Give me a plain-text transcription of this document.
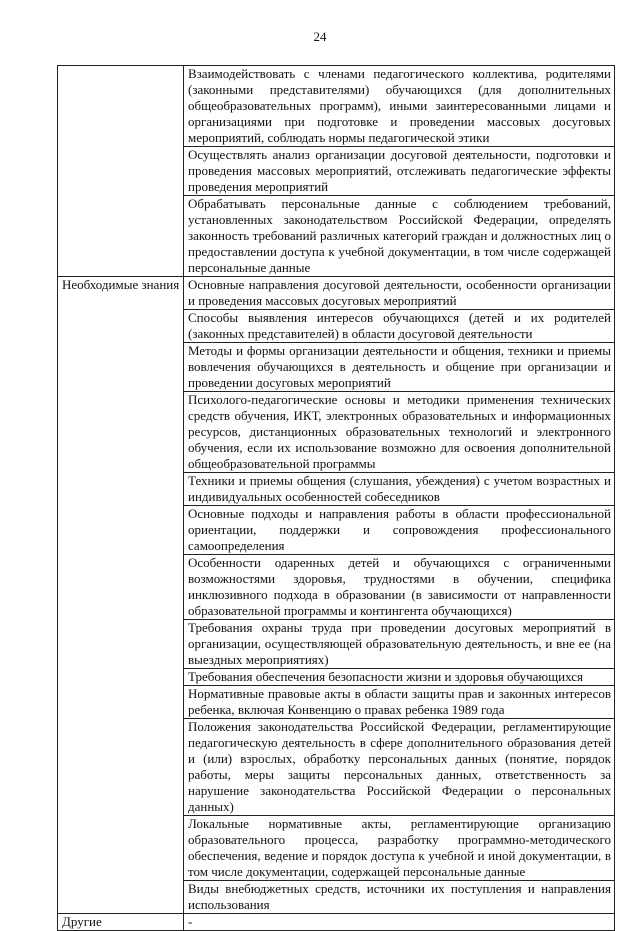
24
	Взаимодействовать с членами педагогического коллектива, родителями (законными представителями) обучающихся (для дополнительных общеобразовательных программ), иными заинтересованными лицами и организациями при подготовке и проведении массовых досуговых мероприятий, соблюдать нормы педагогической этики
	Осуществлять анализ организации досуговой деятельности, подготовки и проведения массовых мероприятий, отслеживать педагогические эффекты проведения мероприятий
	Обрабатывать персональные данные с соблюдением требований, установленных законодательством Российской Федерации, определять законность требований различных категорий граждан и должностных лиц о предоставлении доступа к учебной документации, в том числе содержащей персональные данные
Необходимые знания	Основные направления досуговой деятельности, особенности организации и проведения массовых досуговых мероприятий
	Способы выявления интересов обучающихся (детей и их родителей (законных представителей) в области досуговой деятельности
	Методы и формы организации деятельности и общения, техники и приемы вовлечения обучающихся в деятельность и общение при организации и проведении досуговых мероприятий
	Психолого-педагогические основы и методики применения технических средств обучения, ИКТ, электронных образовательных и информационных ресурсов, дистанционных образовательных технологий и электронного обучения, если их использование возможно для освоения дополнительной общеобразовательной программы
	Техники и приемы общения (слушания, убеждения) с учетом возрастных и индивидуальных особенностей собеседников
	Основные подходы и направления работы в области профессиональной ориентации, поддержки и сопровождения профессионального самоопределения
	Особенности одаренных детей и обучающихся с ограниченными возможностями здоровья, трудностями в обучении, специфика инклюзивного подхода в образовании (в зависимости от направленности образовательной программы и контингента обучающихся)
	Требования охраны труда при проведении досуговых мероприятий в организации, осуществляющей образовательную деятельность, и вне ее (на выездных мероприятиях)
	Требования обеспечения безопасности жизни и здоровья обучающихся
	Нормативные правовые акты в области защиты прав и законных интересов ребенка, включая Конвенцию о правах ребенка 1989 года
	Положения законодательства Российской Федерации, регламентирующие педагогическую деятельность в сфере дополнительного образования детей и (или) взрослых, обработку персональных данных (понятие, порядок работы, меры защиты персональных данных, ответственность за нарушение законодательства Российской Федерации о персональных данных)
	Локальные нормативные акты, регламентирующие организацию образовательного процесса, разработку программно-методического обеспечения, ведение и порядок доступа к учебной и иной документации, в том числе документации, содержащей персональные данные
	Виды внебюджетных средств, источники их поступления и направления использования
Другие	-
